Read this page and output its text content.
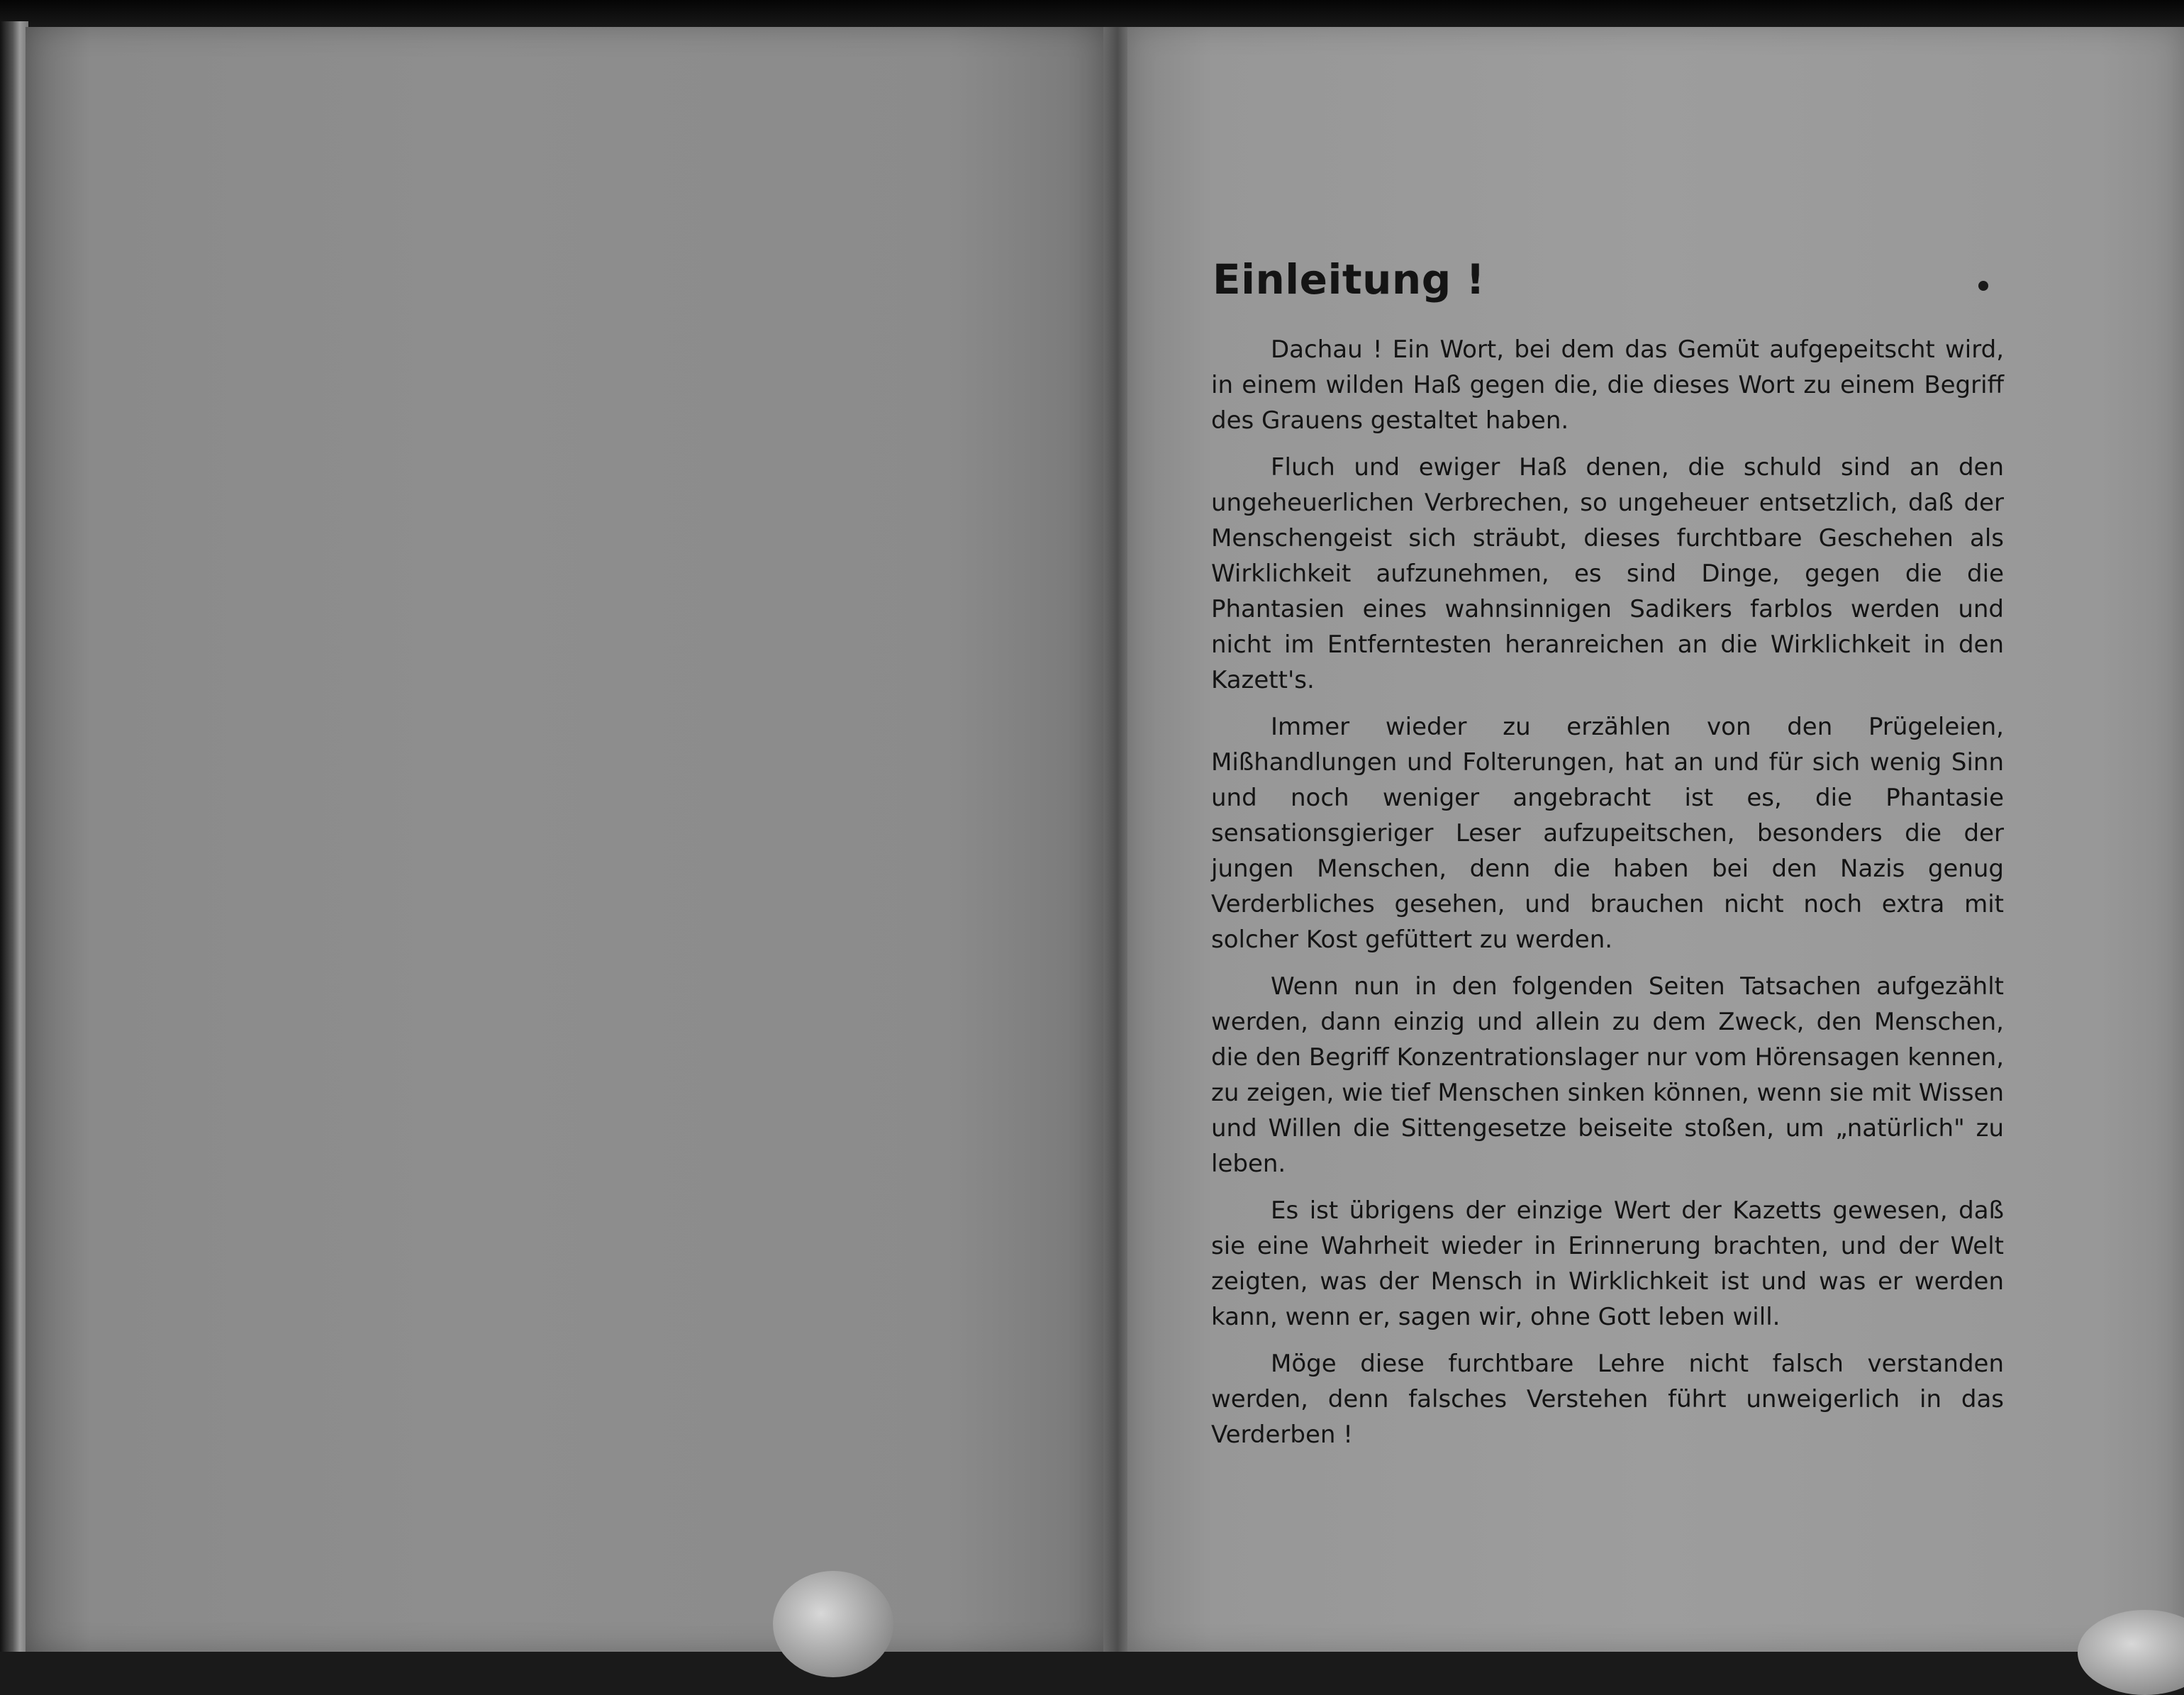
Einleitung !

Dachau ! Ein Wort, bei dem das Gemüt aufgepeitscht wird, in einem wilden Haß gegen die, die dieses Wort zu einem Begriff des Grauens gestaltet haben.

Fluch und ewiger Haß denen, die schuld sind an den ungeheuerlichen Verbrechen, so ungeheuer entsetzlich, daß der Menschengeist sich sträubt, dieses furchtbare Geschehen als Wirklichkeit aufzunehmen, es sind Dinge, gegen die die Phantasien eines wahnsinnigen Sadikers farblos werden und nicht im Entferntesten heranreichen an die Wirklichkeit in den Kazett's.

Immer wieder zu erzählen von den Prügeleien, Mißhandlungen und Folterungen, hat an und für sich wenig Sinn und noch weniger angebracht ist es, die Phantasie sensationsgieriger Leser aufzupeitschen, besonders die der jungen Menschen, denn die haben bei den Nazis genug Verderbliches gesehen, und brauchen nicht noch extra mit solcher Kost gefüttert zu werden.

Wenn nun in den folgenden Seiten Tatsachen aufgezählt werden, dann einzig und allein zu dem Zweck, den Menschen, die den Begriff Konzentrationslager nur vom Hörensagen kennen, zu zeigen, wie tief Menschen sinken können, wenn sie mit Wissen und Willen die Sittengesetze beiseite stoßen, um „natürlich" zu leben.

Es ist übrigens der einzige Wert der Kazetts gewesen, daß sie eine Wahrheit wieder in Erinnerung brachten, und der Welt zeigten, was der Mensch in Wirklichkeit ist und was er werden kann, wenn er, sagen wir, ohne Gott leben will.

Möge diese furchtbare Lehre nicht falsch verstanden werden, denn falsches Verstehen führt unweigerlich in das Verderben !
